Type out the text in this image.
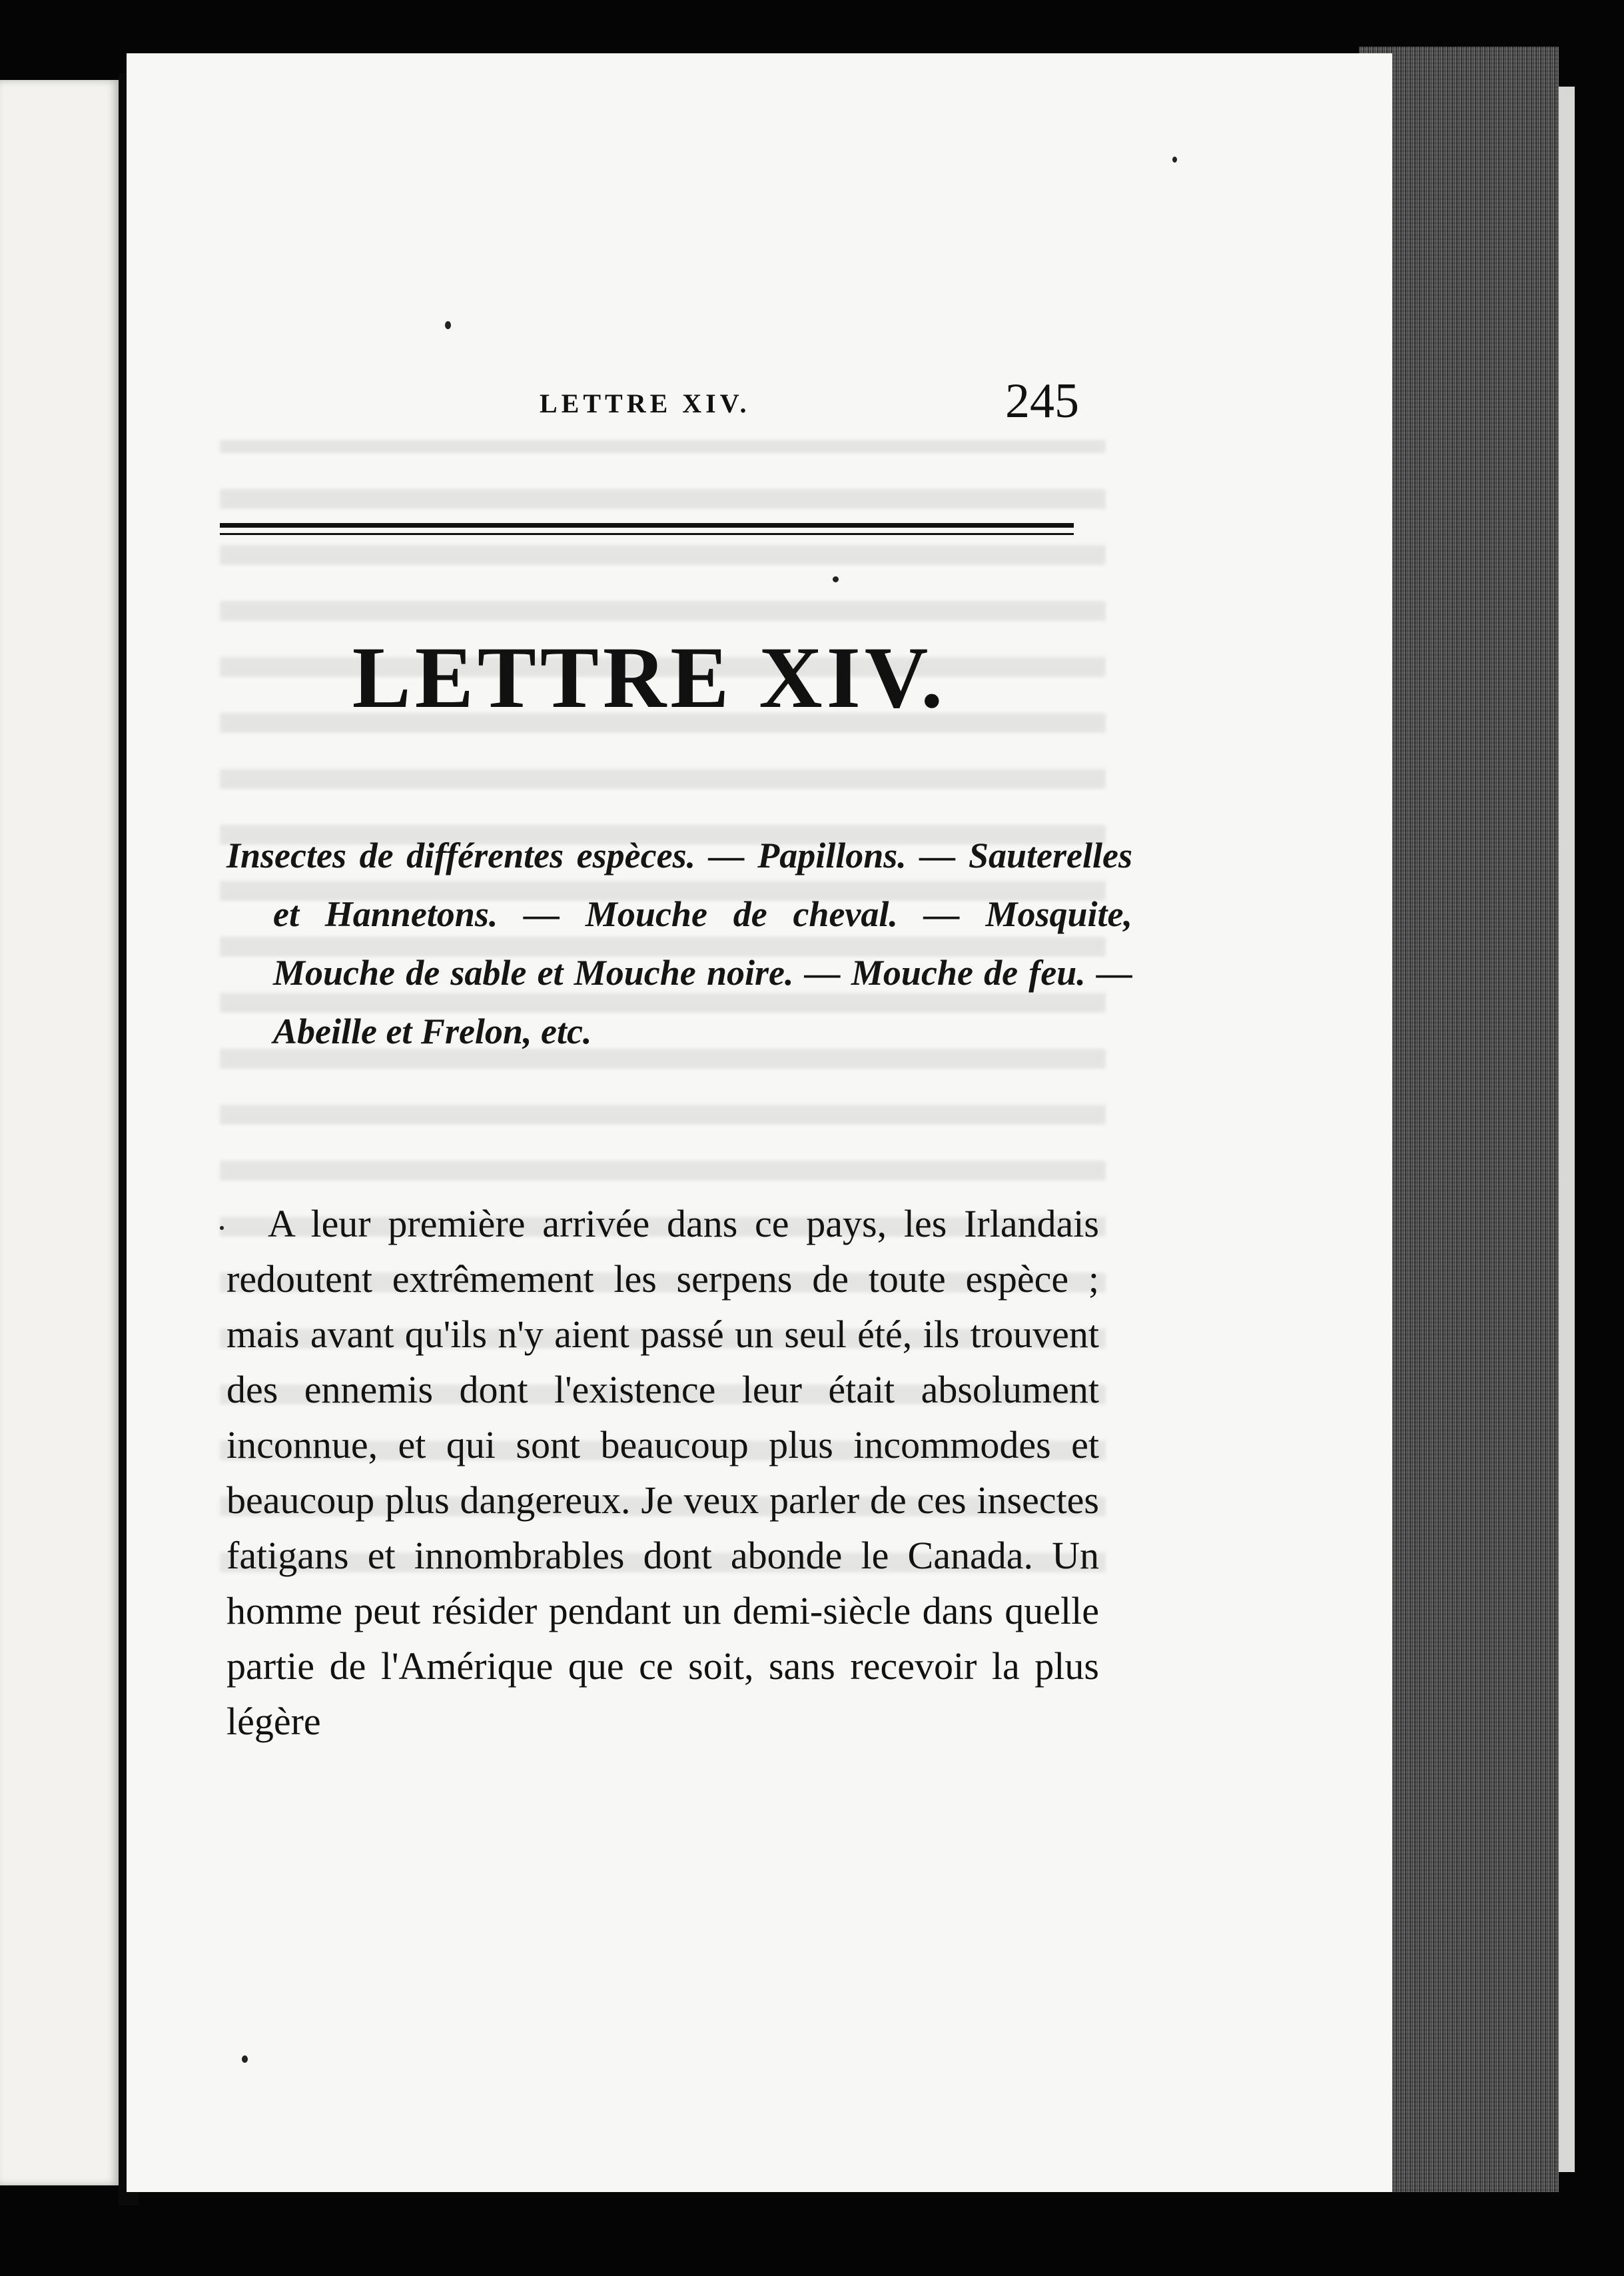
LETTRE XIV.	245
LETTRE XIV.
Insectes de différentes espèces. — Papillons. — Sauterelles et Hannetons. — Mouche de cheval. — Mosquite, Mouche de sable et Mouche noire. — Mouche de feu. — Abeille et Frelon, etc.
A leur première arrivée dans ce pays, les Irlandais redoutent extrêmement les serpens de toute espèce ; mais avant qu'ils n'y aient passé un seul été, ils trouvent des ennemis dont l'existence leur était absolument inconnue, et qui sont beaucoup plus incommodes et beaucoup plus dangereux. Je veux parler de ces insectes fatigans et innombrables dont abonde le Canada. Un homme peut résider pendant un demi-siècle dans quelle partie de l'Amérique que ce soit, sans recevoir la plus légère
